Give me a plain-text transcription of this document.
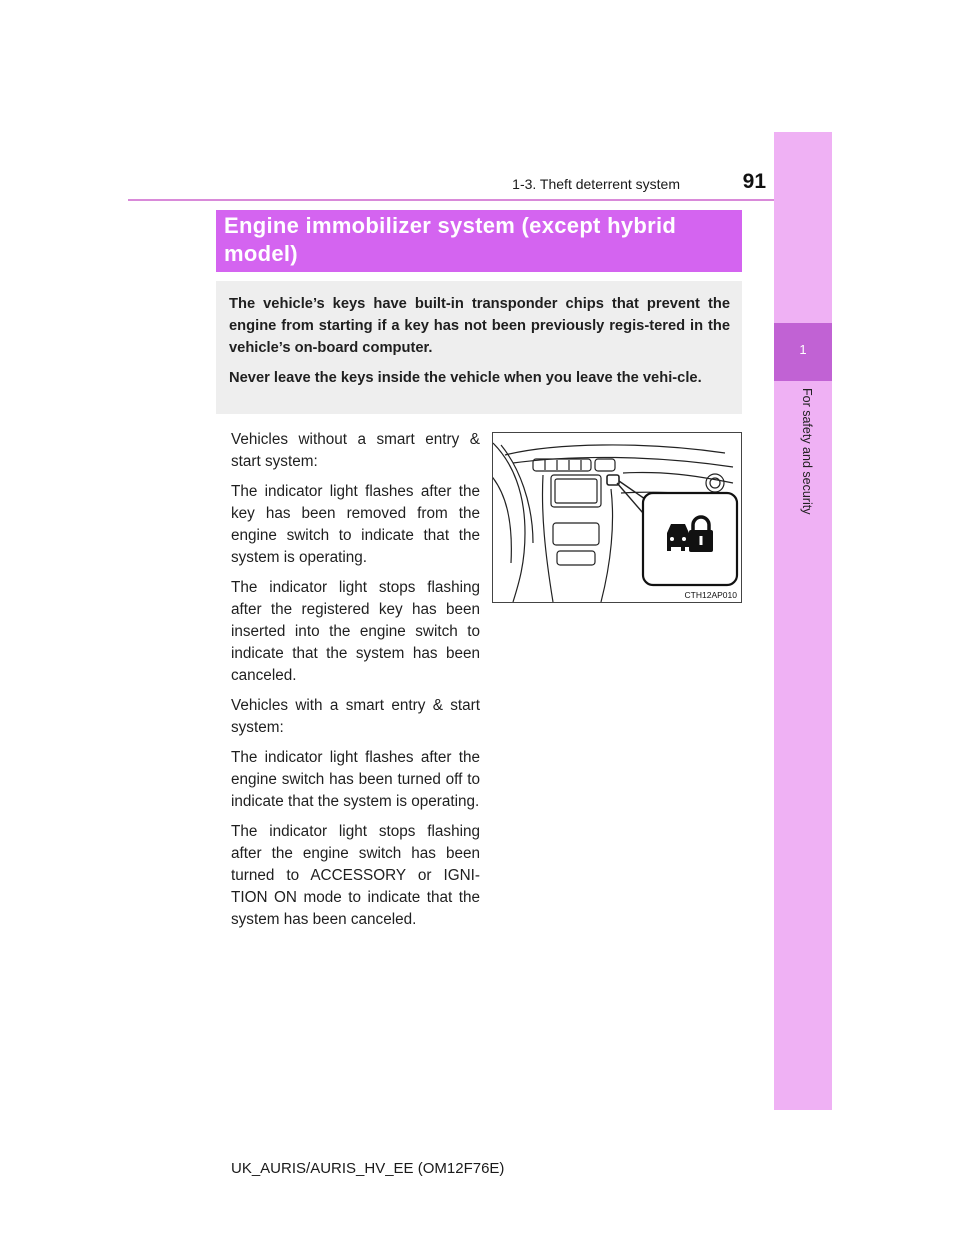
1-3. Theft deterrent system	91
1
For safety and security
Engine immobilizer system (except hybrid model)

The vehicle’s keys have built-in transponder chips that prevent the engine from starting if a key has not been previously regis-tered in the vehicle’s on-board computer.

Never leave the keys inside the vehicle when you leave the vehi-cle.

Vehicles without a smart entry & start system:

The indicator light flashes after the key has been removed from the engine switch to indicate that the system is operating.

The indicator light stops flashing after the registered key has been inserted into the engine switch to indicate that the system has been canceled.

Vehicles with a smart entry & start system:

The indicator light flashes after the engine switch has been turned off to indicate that the system is operating.

The indicator light stops flashing after the engine switch has been turned to ACCESSORY or IGNI-TION ON mode to indicate that the system has been canceled.

CTH12AP010
UK_AURIS/AURIS_HV_EE (OM12F76E)
